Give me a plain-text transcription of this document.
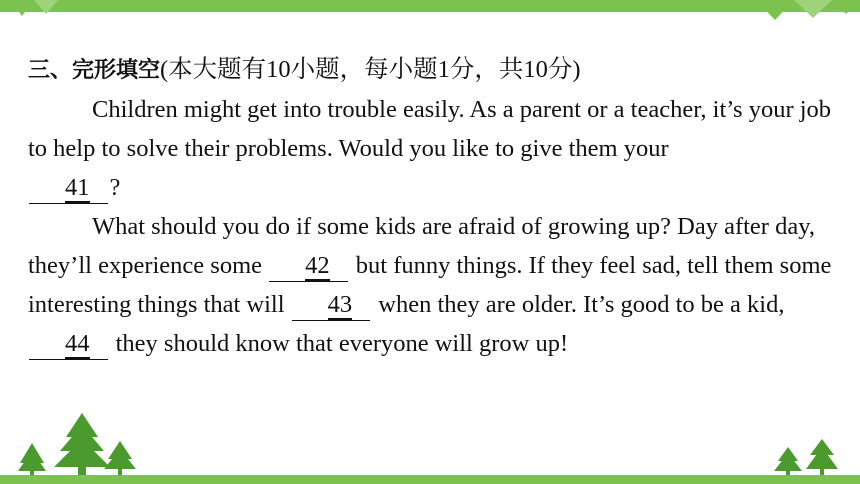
三、完形填空(本大题有10小题，每小题1分，共10分)

Children might get into trouble easily. As a parent or a teacher, it’s your job to help to solve their problems. Would you like to give them your
41 ?

What should you do if some kids are afraid of growing up? Day after day, they’ll experience some 42 but funny things. If they feel sad, tell them some interesting things that will 43 when they are older. It’s good to be a kid, 44 they should know that everyone will grow up!
